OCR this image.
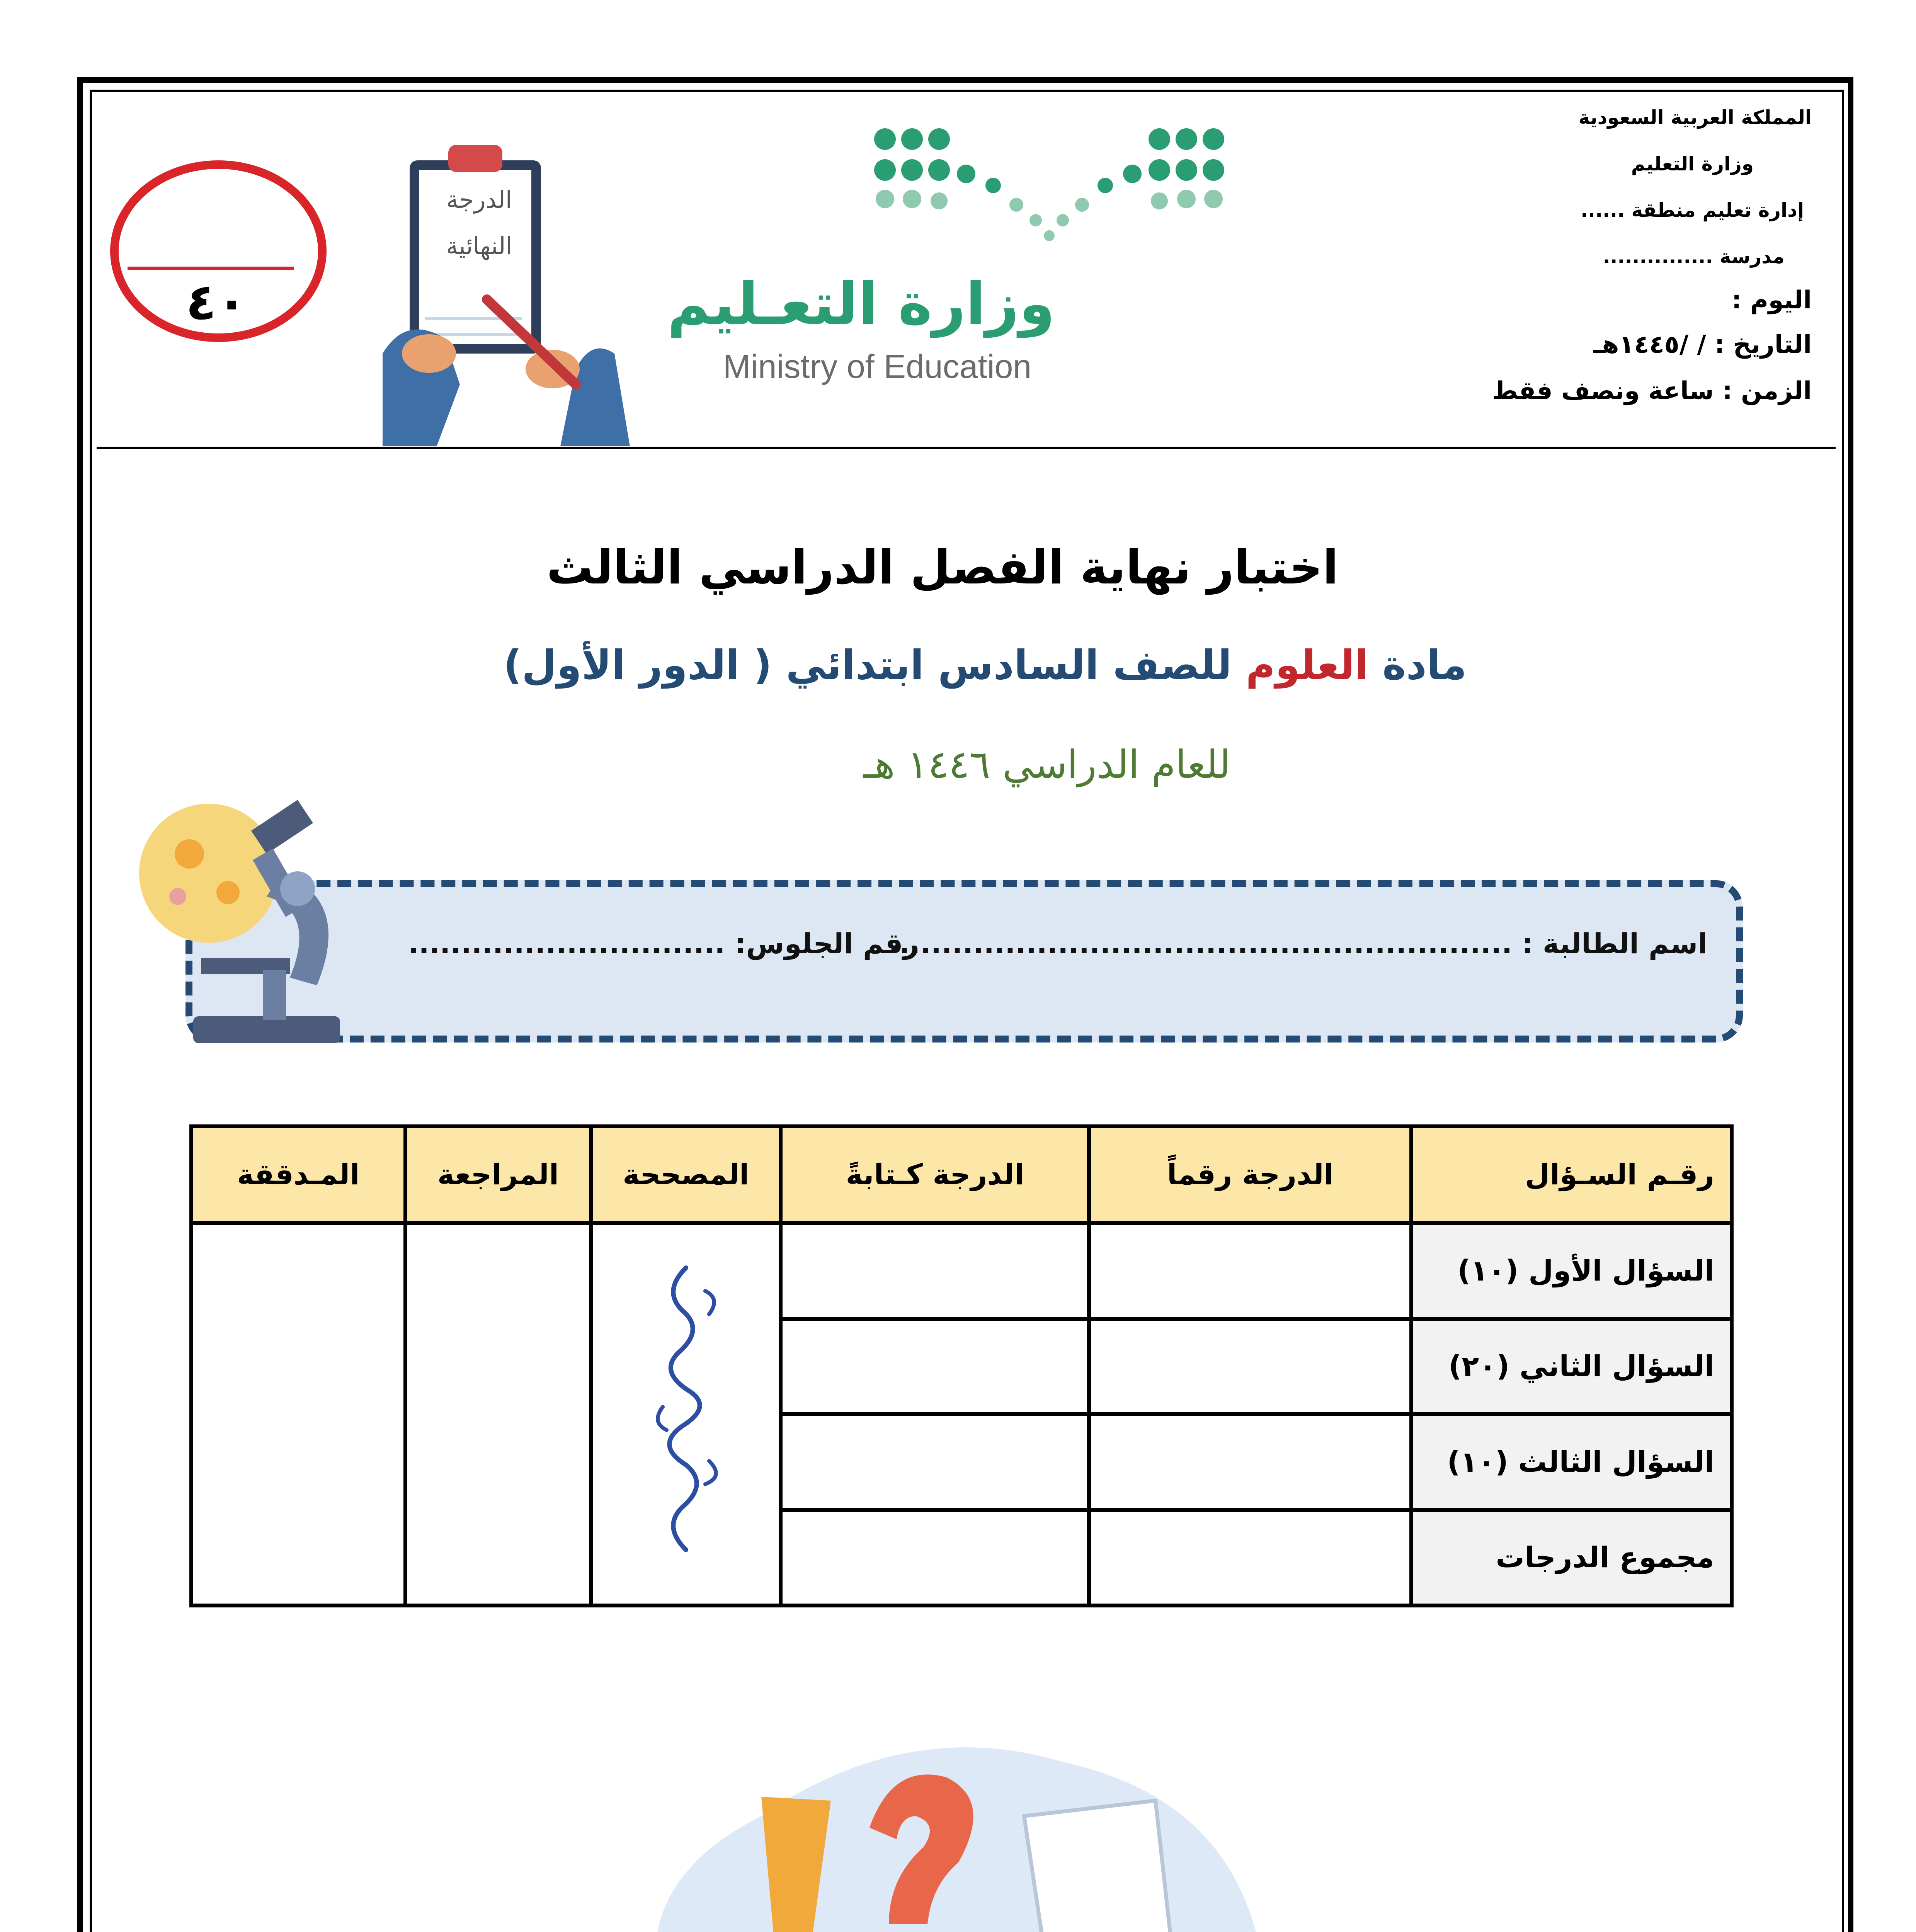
المملكة العربية السعودية
وزارة التعليم
إدارة تعليم منطقة ......
مدرسة ...............
اليوم :
التاريخ : / /١٤٤٥هـ
الزمن : ساعة ونصف فقط
وزارة التعـليم
Ministry of Education
الدرجة
النهائية
٤٠
اختبار نهاية الفصل الدراسي الثالث
مادة العلوم للصف السادس ابتدائي ( الدور الأول)
للعام الدراسي ١٤٤٦ هـ
اسم الطالبة : ...........................................................
رقم الجلوس: ..............................
رقـم السـؤال	الدرجة رقماً	الدرجة كـتابةً	المصححة	المراجعة	المـدققة
السؤال الأول (١٠)					
السؤال الثاني (٢٠)					
السؤال الثالث (١٠)					
مجموع الدرجات					
